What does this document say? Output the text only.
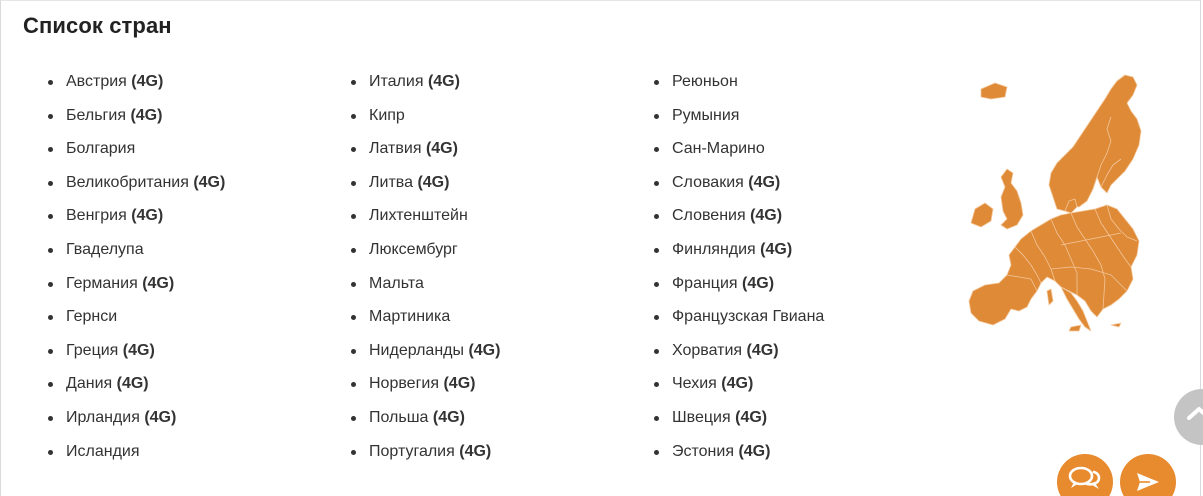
Список стран
Австрия (4G)
Бельгия (4G)
Болгария
Великобритания (4G)
Венгрия (4G)
Гваделупа
Германия (4G)
Гернси
Греция (4G)
Дания (4G)
Ирландия (4G)
Исландия
Италия (4G)
Кипр
Латвия (4G)
Литва (4G)
Лихтенштейн
Люксембург
Мальта
Мартиника
Нидерланды (4G)
Норвегия (4G)
Польша (4G)
Португалия (4G)
Реюньон
Румыния
Сан-Марино
Словакия (4G)
Словения (4G)
Финляндия (4G)
Франция (4G)
Французская Гвиана
Хорватия (4G)
Чехия (4G)
Швеция (4G)
Эстония (4G)
